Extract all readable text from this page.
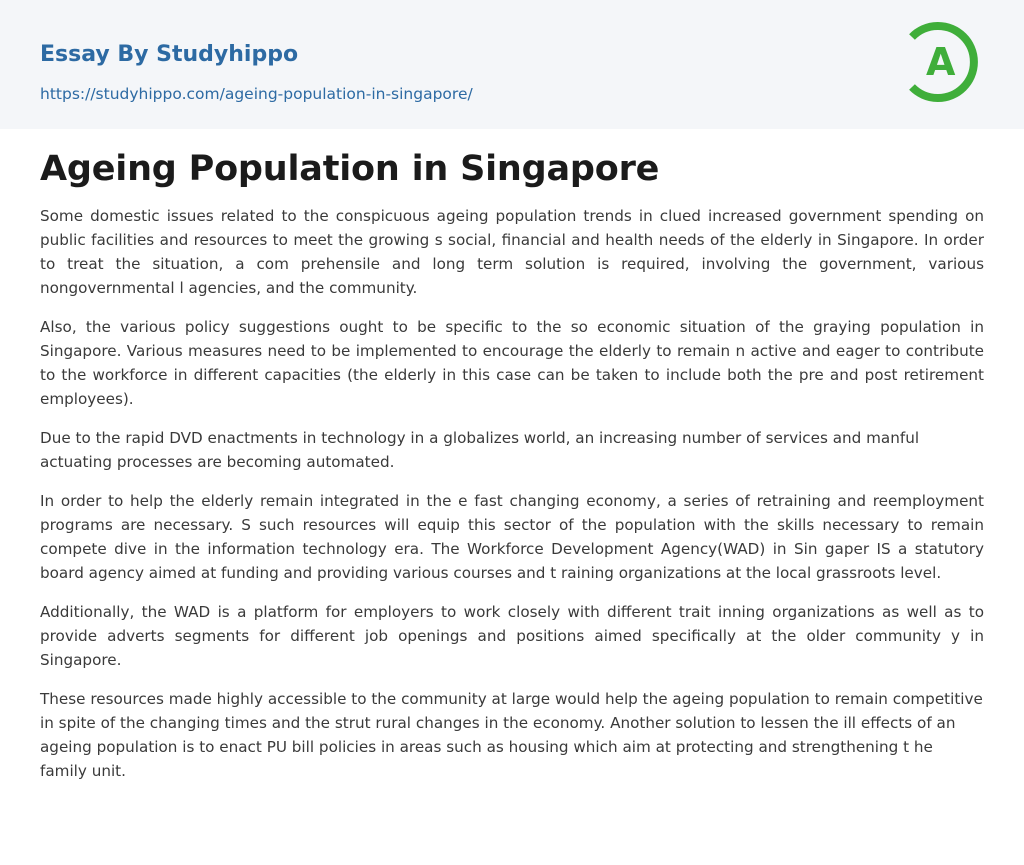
Essay By Studyhippo
https://studyhippo.com/ageing-population-in-singapore/
A
Ageing Population in Singapore

Some domestic issues related to the conspicuous ageing population trends in clued increased government spending on public facilities and resources to meet the growing s social, financial and health needs of the elderly in Singapore. In order to treat the situation, a com prehensile and long term solution is required, involving the government, various nongovernmental l agencies, and the community.

Also, the various policy suggestions ought to be specific to the so economic situation of the graying population in Singapore. Various measures need to be implemented to encourage the elderly to remain n active and eager to contribute to the workforce in different capacities (the elderly in this case can be taken to include both the pre and post retirement employees).

Due to the rapid DVD enactments in technology in a globalizes world, an increasing number of services and manful actuating processes are becoming automated.

In order to help the elderly remain integrated in the e fast changing economy, a series of retraining and reemployment programs are necessary. S such resources will equip this sector of the population with the skills necessary to remain compete dive in the information technology era. The Workforce Development Agency(WAD) in Sin gaper IS a statutory board agency aimed at funding and providing various courses and t raining organizations at the local grassroots level.

Additionally, the WAD is a platform for employers to work closely with different trait inning organizations as well as to provide adverts segments for different job openings and positions aimed specifically at the older community y in Singapore.

These resources made highly accessible to the community at large would help the ageing population to remain competitive in spite of the changing times and the strut rural changes in the economy. Another solution to lessen the ill effects of an ageing population is to enact PU bill policies in areas such as housing which aim at protecting and strengthening t he family unit.
